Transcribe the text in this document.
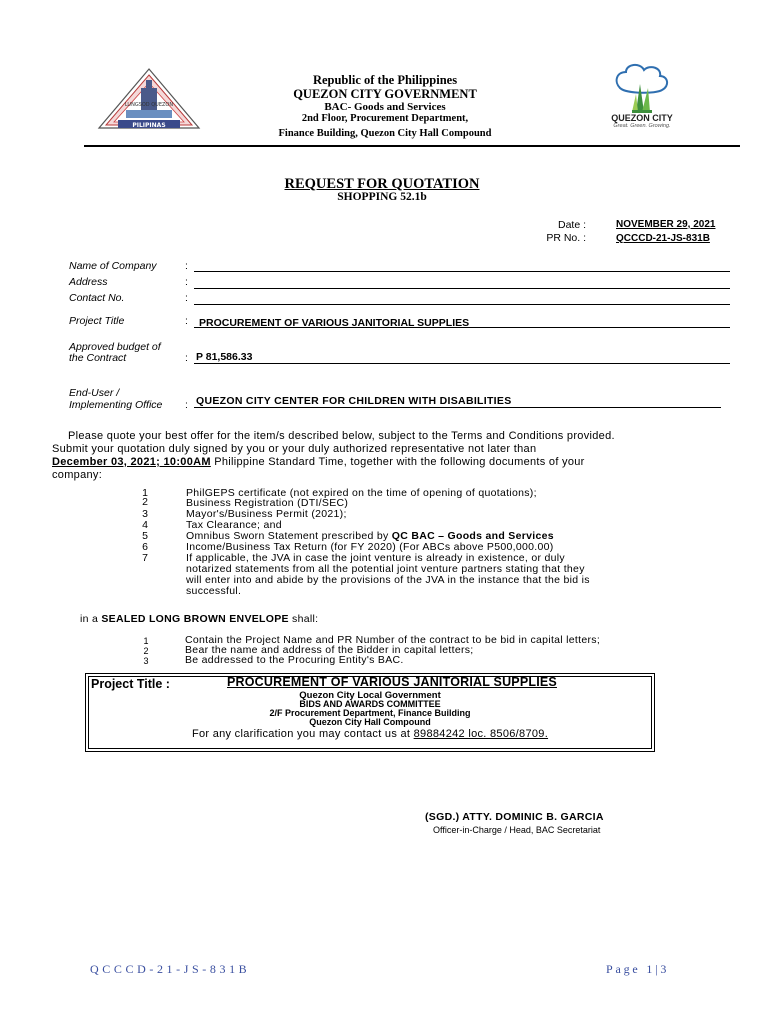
PILIPINAS
LUNGSOD QUEZON
Republic of the Philippines
QUEZON CITY GOVERNMENT
BAC- Goods and Services
2nd Floor, Procurement Department,
Finance Building, Quezon City Hall Compound
QUEZON CITY
Great. Green. Growing.
REQUEST FOR QUOTATION
SHOPPING 52.1b
Date :	NOVEMBER 29, 2021
PR No. :	QCCCD-21-JS-831B
Name of Company	:
Address	:
Contact No.	:
Project Title	: PROCUREMENT OF VARIOUS JANITORIAL SUPPLIES
Approved budget of
the Contract	: P 81,586.33
End-User /
Implementing Office : QUEZON CITY CENTER FOR CHILDREN WITH DISABILITIES
Please quote your best offer for the item/s described below, subject to the Terms and Conditions provided.
Submit your quotation duly signed by you or your duly authorized representative not later than
December 03, 2021; 10:00AM Philippine Standard Time, together with the following documents of your
company:
1	PhilGEPS certificate (not expired on the time of opening of quotations);
2	Business Registration (DTI/SEC)
3	Mayor's/Business Permit (2021);
4	Tax Clearance; and
5	Omnibus Sworn Statement prescribed by QC BAC – Goods and Services
6	Income/Business Tax Return (for FY 2020) (For ABCs above P500,000.00)
7	If applicable, the JVA in case the joint venture is already in existence, or duly
notarized statements from all the potential joint venture partners stating that they
will enter into and abide by the provisions of the JVA in the instance that the bid is
successful.
in a SEALED LONG BROWN ENVELOPE shall:
1	Contain the Project Name and PR Number of the contract to be bid in capital letters;
2	Bear the name and address of the Bidder in capital letters;
3	Be addressed to the Procuring Entity's BAC.
Project Title :	PROCUREMENT OF VARIOUS JANITORIAL SUPPLIES
Quezon City Local Government
BIDS AND AWARDS COMMITTEE
2/F Procurement Department, Finance Building
Quezon City Hall Compound
For any clarification you may contact us at 89884242 loc. 8506/8709.
(SGD.) ATTY. DOMINIC B. GARCIA
Officer-in-Charge / Head, BAC Secretariat
QCCCD-21-JS-831B	Page 1|3
